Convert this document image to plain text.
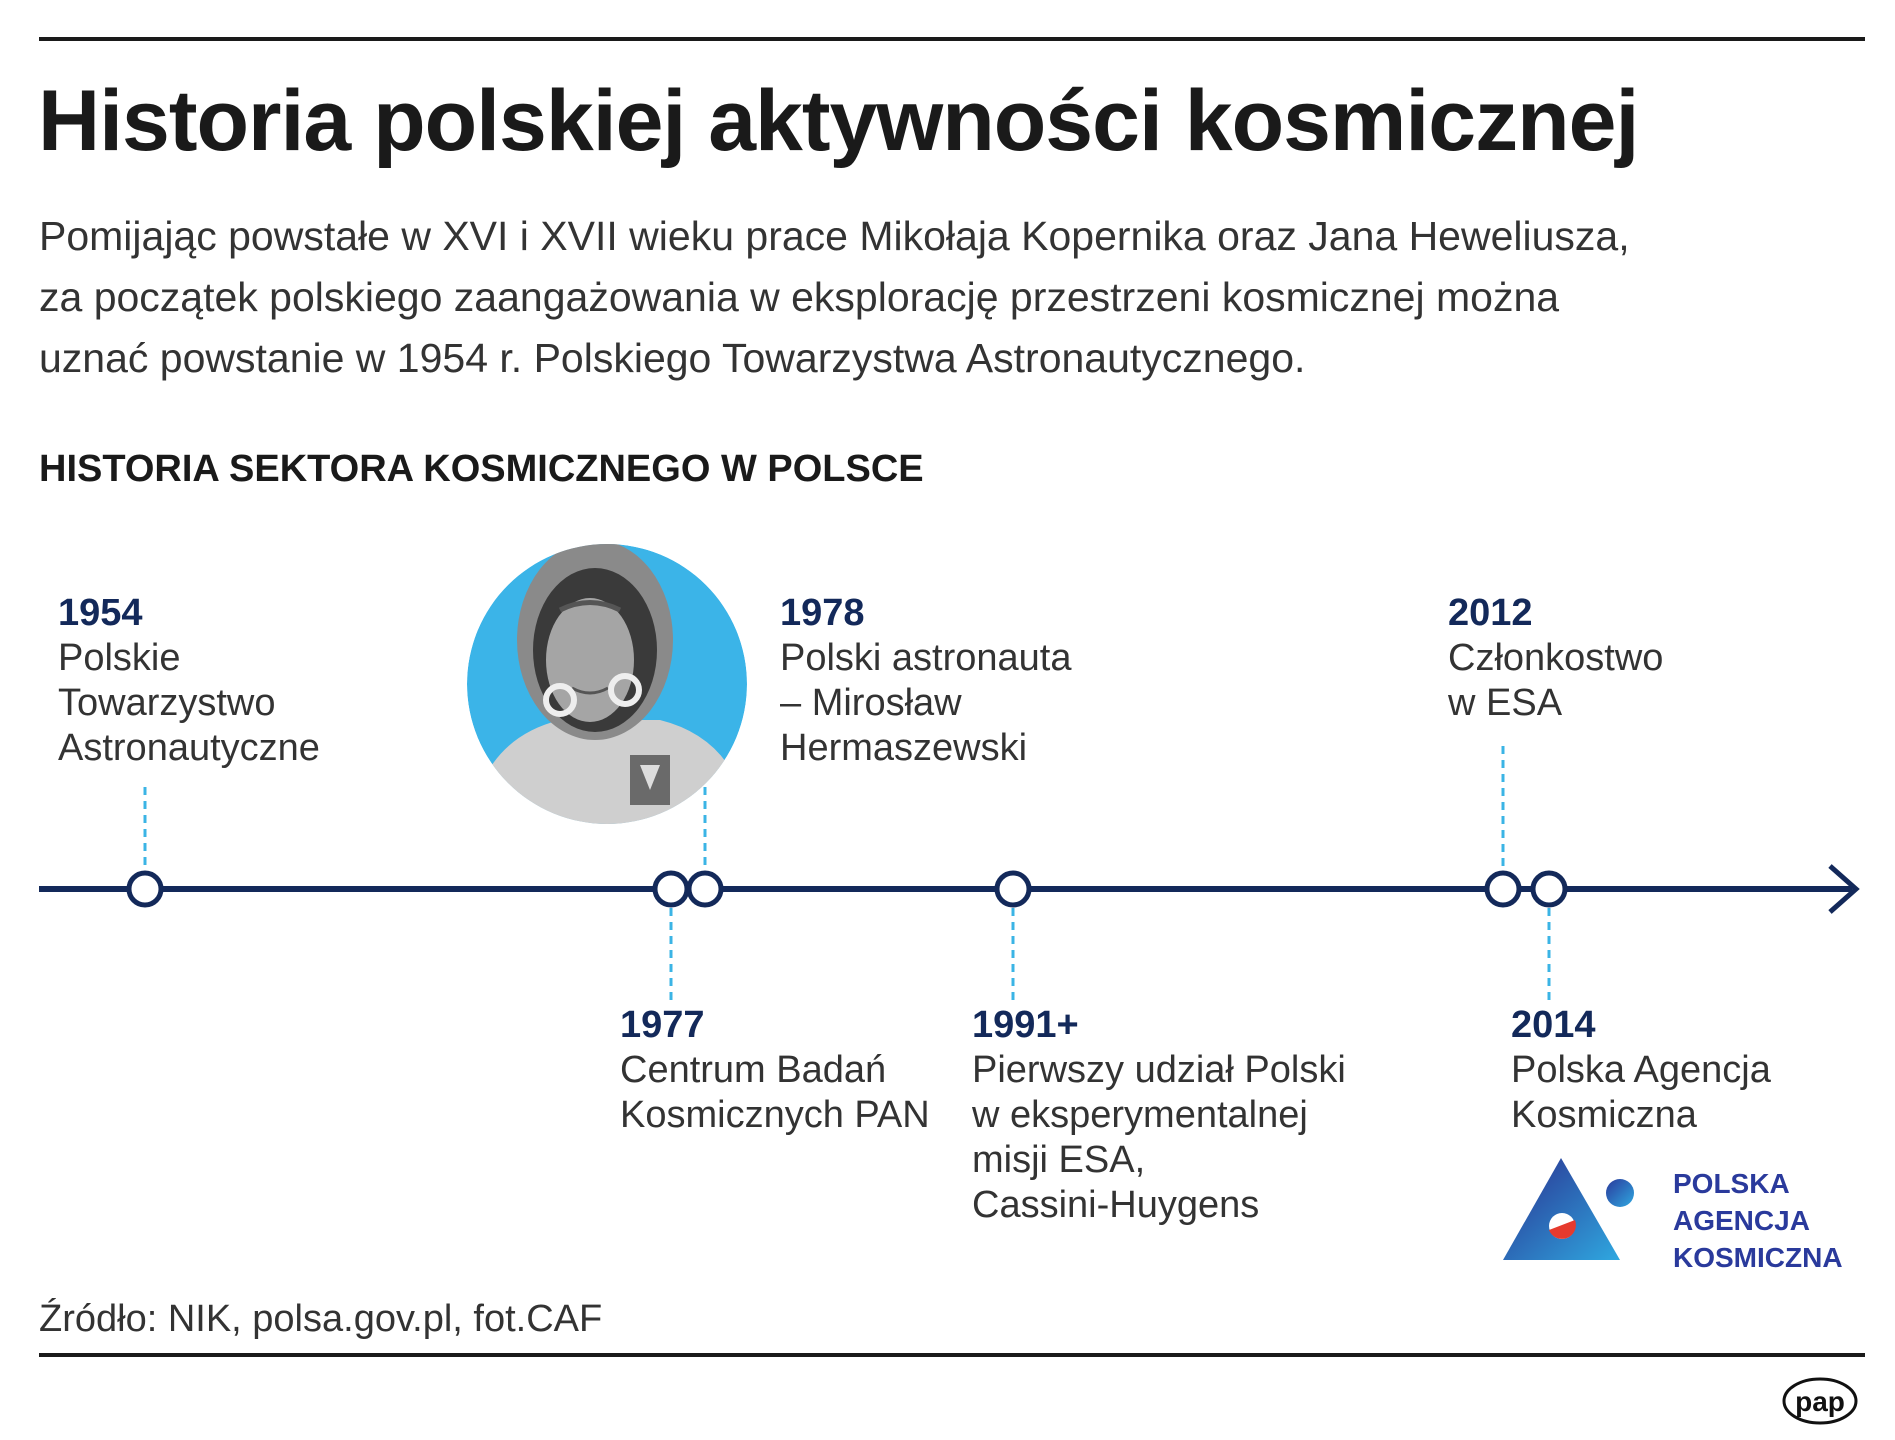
Historia polskiej aktywności kosmicznej
Pomijając powstałe w XVI i XVII wieku prace Mikołaja Kopernika oraz Jana Heweliusza,
za początek polskiego zaangażowania w eksplorację przestrzeni kosmicznej można
uznać powstanie w 1954 r. Polskiego Towarzystwa Astronautycznego.
HISTORIA SEKTORA KOSMICZNEGO W POLSCE
pap
1954
Polskie
Towarzystwo
Astronautyczne
1978
Polski astronauta
– Mirosław
Hermaszewski
2012
Członkostwo
w ESA
1977
Centrum Badań
Kosmicznych PAN
1991+
Pierwszy udział Polski
w eksperymentalnej
misji ESA,
Cassini-Huygens
2014
Polska Agencja
Kosmiczna
POLSKA
AGENCJA
KOSMICZNA
Źródło: NIK, polsa.gov.pl, fot.CAF
